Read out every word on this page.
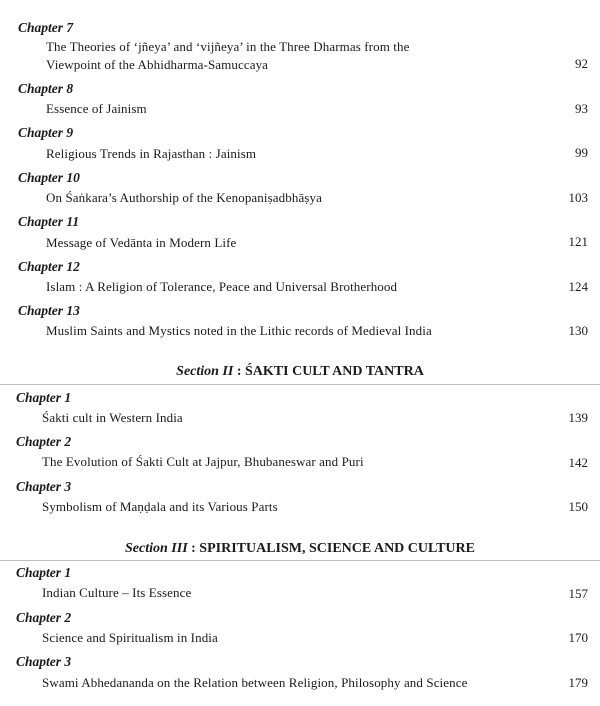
Chapter 7
The Theories of ‘jñeya’ and ‘vijñeya’ in the Three Dharmas from the
Viewpoint of the Abhidharma-Samuccaya	92
Chapter 8
Essence of Jainism	93
Chapter 9
Religious Trends in Rajasthan : Jainism	99
Chapter 10
On Śaṅkara’s Authorship of the Kenopaniṣadbhāṣya	103
Chapter 11
Message of Vedānta in Modern Life	121
Chapter 12
Islam : A Religion of Tolerance, Peace and Universal Brotherhood	124
Chapter 13
Muslim Saints and Mystics noted in the Lithic records of Medieval India	130
Section II : ŚAKTI CULT AND TANTRA
Chapter 1
Śakti cult in Western India	139
Chapter 2
The Evolution of Śakti Cult at Jajpur, Bhubaneswar and Puri	142
Chapter 3
Symbolism of Maṇḍala and its Various Parts	150
Section III : SPIRITUALISM, SCIENCE AND CULTURE
Chapter 1
Indian Culture – Its Essence	157
Chapter 2
Science and Spiritualism in India	170
Chapter 3
Swami Abhedananda on the Relation between Religion, Philosophy and Science	179
